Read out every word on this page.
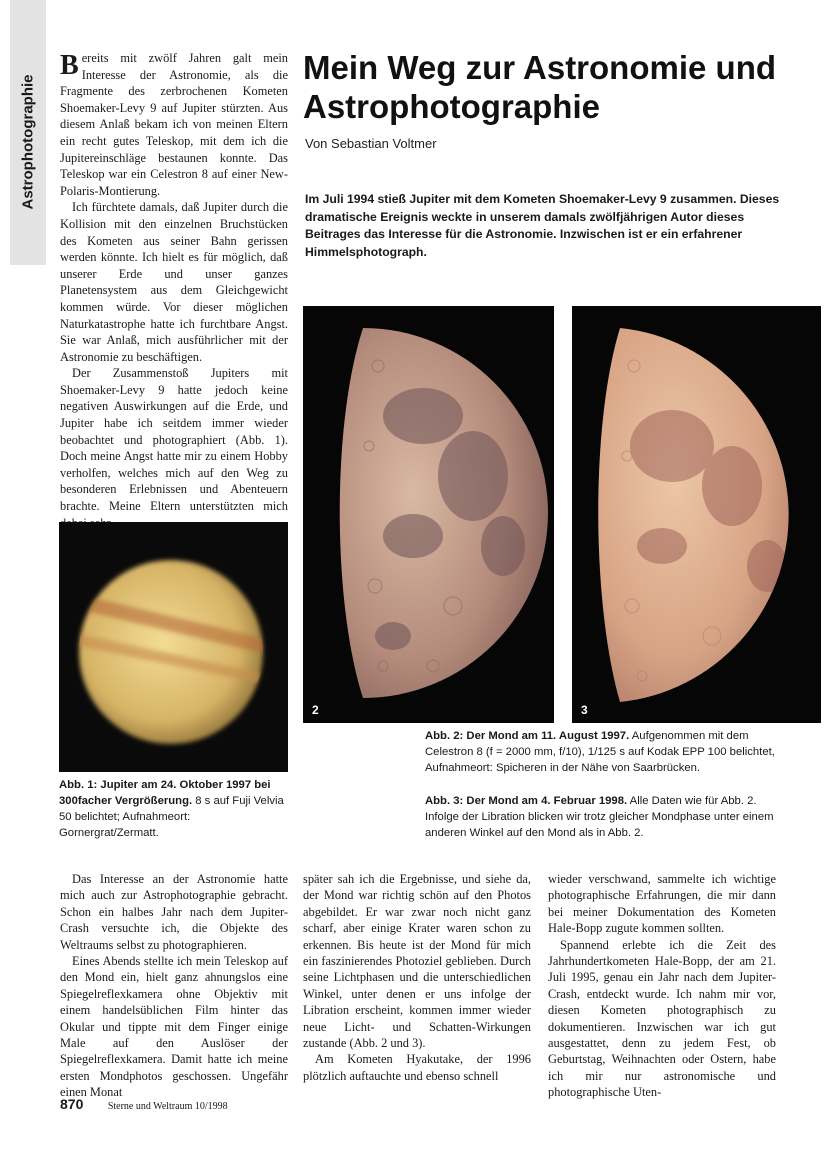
Astrophotographie

Bereits mit zwölf Jahren galt mein Interesse der Astronomie, als die Fragmente des zerbrochenen Kometen Shoemaker-Levy 9 auf Jupiter stürzten. Aus diesem Anlaß bekam ich von meinen Eltern ein recht gutes Teleskop, mit dem ich die Jupitereinschläge bestaunen konnte. Das Teleskop war ein Celestron 8 auf einer New-Polaris-Montierung.

Ich fürchtete damals, daß Jupiter durch die Kollision mit den einzelnen Bruchstücken des Kometen aus seiner Bahn gerissen werden könnte. Ich hielt es für möglich, daß unserer Erde und unser ganzes Planetensystem aus dem Gleichgewicht kommen würde. Vor dieser möglichen Naturkatastrophe hatte ich furchtbare Angst. Sie war Anlaß, mich ausführlicher mit der Astronomie zu beschäftigen.

Der Zusammenstoß Jupiters mit Shoemaker-Levy 9 hatte jedoch keine negativen Auswirkungen auf die Erde, und Jupiter habe ich seitdem immer wieder beobachtet und photographiert (Abb. 1). Doch meine Angst hatte mir zu einem Hobby verholfen, welches mich auf den Weg zu besonderen Erlebnissen und Abenteuern brachte. Meine Eltern unterstützten mich

Mein Weg zur Astronomie und Astrophotographie
Von Sebastian Voltmer
Im Juli 1994 stieß Jupiter mit dem Kometen Shoemaker-Levy 9 zusammen. Dieses dramatische Ereignis weckte in unserem damals zwölfjährigen Autor dieses Beitrages das Interesse für die Astronomie. Inzwischen ist er ein erfahrener Himmelsphotograph.
2	3
Abb. 1: Jupiter am 24. Oktober 1997 bei 300facher Vergrößerung. 8 s auf Fuji Velvia 50 belichtet; Aufnahmeort: Gornergrat/Zermatt.
Abb. 2: Der Mond am 11. August 1997. Aufgenommen mit dem Celestron 8 (f = 2000 mm, f/10), 1/125 s auf Kodak EPP 100 belichtet, Aufnahmeort: Spicheren in der Nähe von Saarbrücken.
Abb. 3: Der Mond am 4. Februar 1998. Alle Daten wie für Abb. 2. Infolge der Libration blicken wir trotz gleicher Mondphase unter einem anderen Winkel auf den Mond als in Abb. 2.

Das Interesse an der Astronomie hatte mich auch zur Astrophotographie gebracht. Schon ein halbes Jahr nach dem Jupiter-Crash versuchte ich, die Objekte des Weltraums selbst zu photographieren.

Eines Abends stellte ich mein Teleskop auf den Mond ein, hielt ganz ahnungslos eine Spiegelreflexkamera ohne Objektiv mit einem handelsüblichen Film hinter das Okular und tippte mit dem Finger einige Male auf den Auslöser der Spiegelreflexkamera. Damit hatte ich meine ersten Mondphotos geschossen. Ungefähr einen Monat

später sah ich die Ergebnisse, und siehe da, der Mond war richtig schön auf den Photos abgebildet. Er war zwar noch nicht ganz scharf, aber einige Krater waren schon zu erkennen. Bis heute ist der Mond für mich ein faszinierendes Photoziel geblieben. Durch seine Lichtphasen und die unterschiedlichen Winkel, unter denen er uns infolge der Libration erscheint, kommen immer wieder neue Licht- und Schatten-Wirkungen zustande (Abb. 2 und 3).

Am Kometen Hyakutake, der 1996 plötzlich auftauchte und ebenso schnell

wieder verschwand, sammelte ich wichtige photographische Erfahrungen, die mir dann bei meiner Dokumentation des Kometen Hale-Bopp zugute kommen sollten.

Spannend erlebte ich die Zeit des Jahrhundertkometen Hale-Bopp, der am 21. Juli 1995, genau ein Jahr nach dem Jupiter-Crash, entdeckt wurde. Ich nahm mir vor, diesen Kometen photographisch zu dokumentieren. Inzwischen war ich gut ausgestattet, denn zu jedem Fest, ob Geburtstag, Weihnachten oder Ostern, habe ich mir nur astronomische und photographische Uten-

870 Sterne und Weltraum 10/1998
